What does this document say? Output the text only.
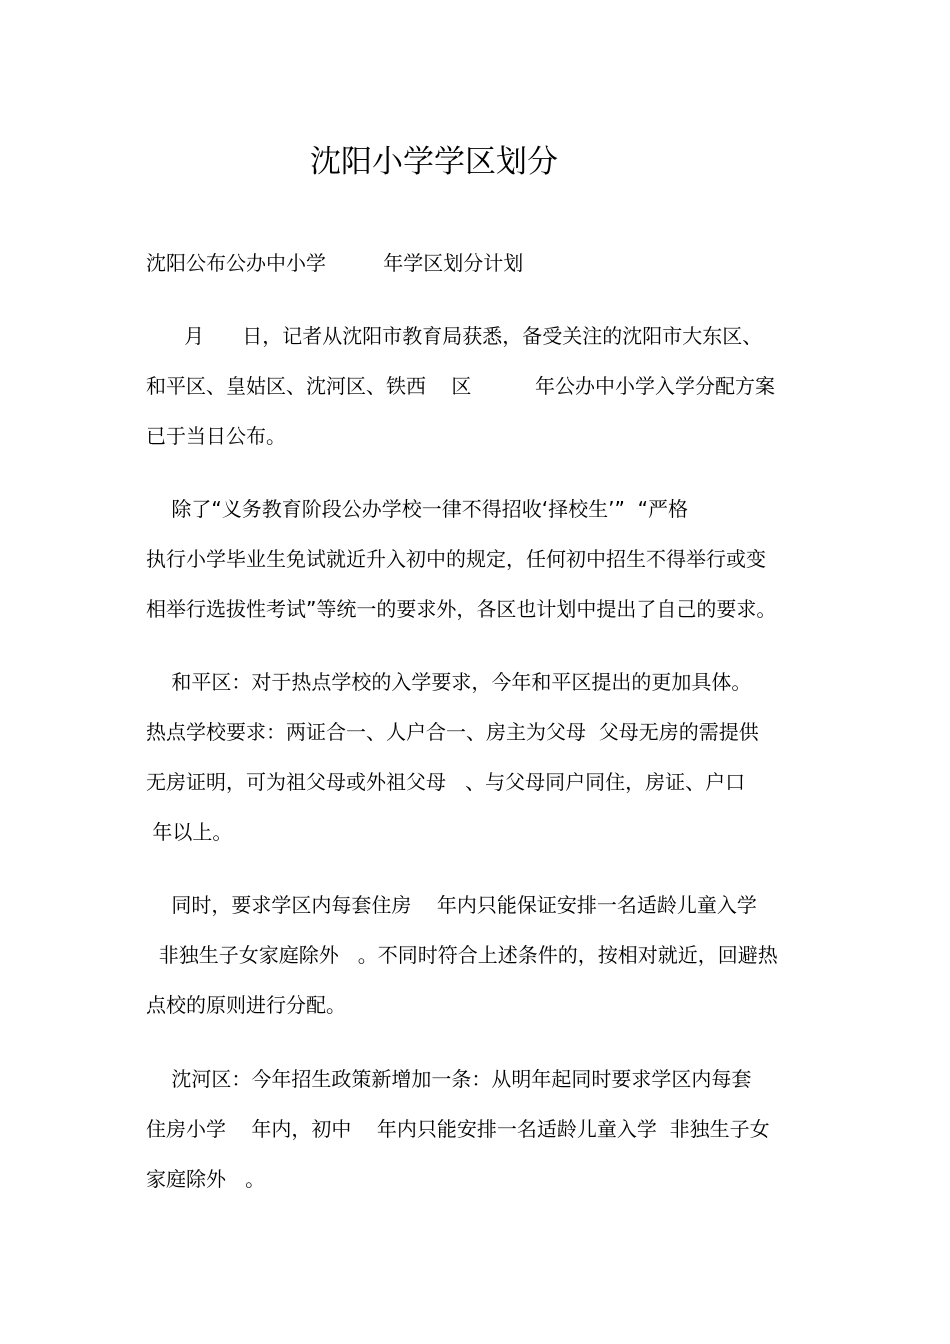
沈阳小学学区划分
沈阳公布公办中小学         年学区划分计划
月      日，记者从沈阳市教育局获悉，备受关注的沈阳市大东区、
和平区、皇姑区、沈河区、铁西    区          年公办中小学入学分配方案
已于当日公布。
除了“义务教育阶段公办学校一律不得招收‘择校生’”  “严格
执行小学毕业生免试就近升入初中的规定，任何初中招生不得举行或变
相举行选拔性考试”等统一的要求外，各区也计划中提出了自己的要求。
和平区：对于热点学校的入学要求，今年和平区提出的更加具体。
热点学校要求：两证合一、人户合一、房主为父母  父母无房的需提供
无房证明，可为祖父母或外祖父母   、与父母同户同住，房证、户口
年以上。
同时，要求学区内每套住房    年内只能保证安排一名适龄儿童入学
非独生子女家庭除外   。不同时符合上述条件的，按相对就近，回避热
点校的原则进行分配。
沈河区：今年招生政策新增加一条：从明年起同时要求学区内每套
住房小学    年内，初中    年内只能安排一名适龄儿童入学  非独生子女
家庭除外   。
